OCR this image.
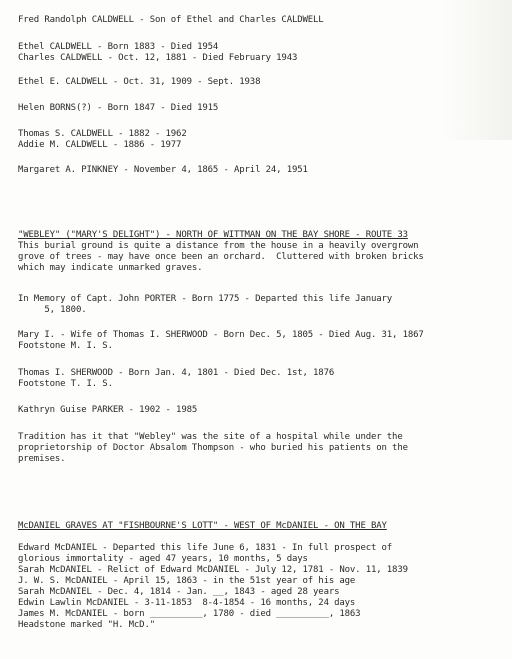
Fred Randolph CALDWELL - Son of Ethel and Charles CALDWELL
Ethel CALDWELL - Born 1883 - Died 1954
Charles CALDWELL - Oct. 12, 1881 - Died February 1943
Ethel E. CALDWELL - Oct. 31, 1909 - Sept. 1938
Helen BORNS(?) - Born 1847 - Died 1915
Thomas S. CALDWELL - 1882 - 1962
Addie M. CALDWELL - 1886 - 1977
Margaret A. PINKNEY - November 4, 1865 - April 24, 1951
"WEBLEY" ("MARY'S DELIGHT") - NORTH OF WITTMAN ON THE BAY SHORE - ROUTE 33
This burial ground is quite a distance from the house in a heavily overgrown
grove of trees - may have once been an orchard.  Cluttered with broken bricks
which may indicate unmarked graves.
In Memory of Capt. John PORTER - Born 1775 - Departed this life January
5, 1800.
Mary I. - Wife of Thomas I. SHERWOOD - Born Dec. 5, 1805 - Died Aug. 31, 1867
Footstone M. I. S.
Thomas I. SHERWOOD - Born Jan. 4, 1801 - Died Dec. 1st, 1876
Footstone T. I. S.
Kathryn Guise PARKER - 1902 - 1985
Tradition has it that "Webley" was the site of a hospital while under the
proprietorship of Doctor Absalom Thompson - who buried his patients on the
premises.
McDANIEL GRAVES AT "FISHBOURNE'S LOTT" - WEST OF McDANIEL - ON THE BAY
Edward McDANIEL - Departed this life June 6, 1831 - In full prospect of
glorious immortality - aged 47 years, 10 months, 5 days
Sarah McDANIEL - Relict of Edward McDANIEL - July 12, 1781 - Nov. 11, 1839
J. W. S. McDANIEL - April 15, 1863 - in the 51st year of his age
Sarah McDANIEL - Dec. 4, 1814 - Jan. __, 1843 - aged 28 years
Edwin Lawlin McDANIEL - 3-11-1853  8-4-1854 - 16 months, 24 days
James M. McDANIEL - born __________, 1780 - died __________, 1863
Headstone marked "H. McD."
